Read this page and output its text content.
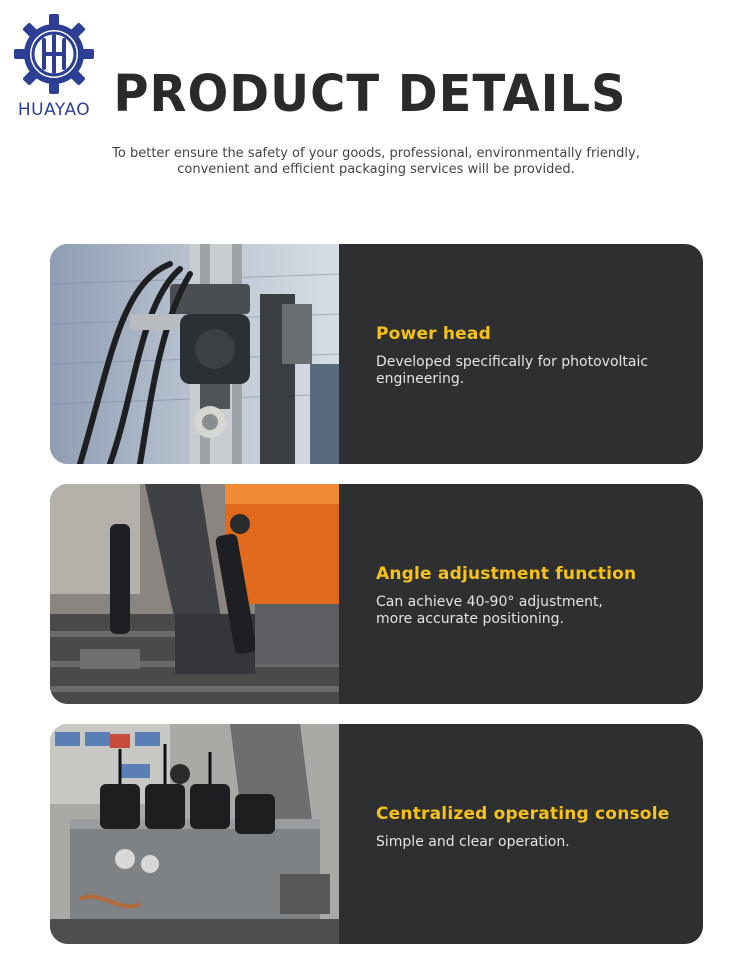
HUAYAO PRODUCT DETAILS
To better ensure the safety of your goods, professional, environmentally friendly,
convenient and efficient packaging services will be provided.
Power head
Developed specifically for photovoltaic
engineering.
Angle adjustment function
Can achieve 40-90° adjustment,
more accurate positioning.
Centralized operating console
Simple and clear operation.
